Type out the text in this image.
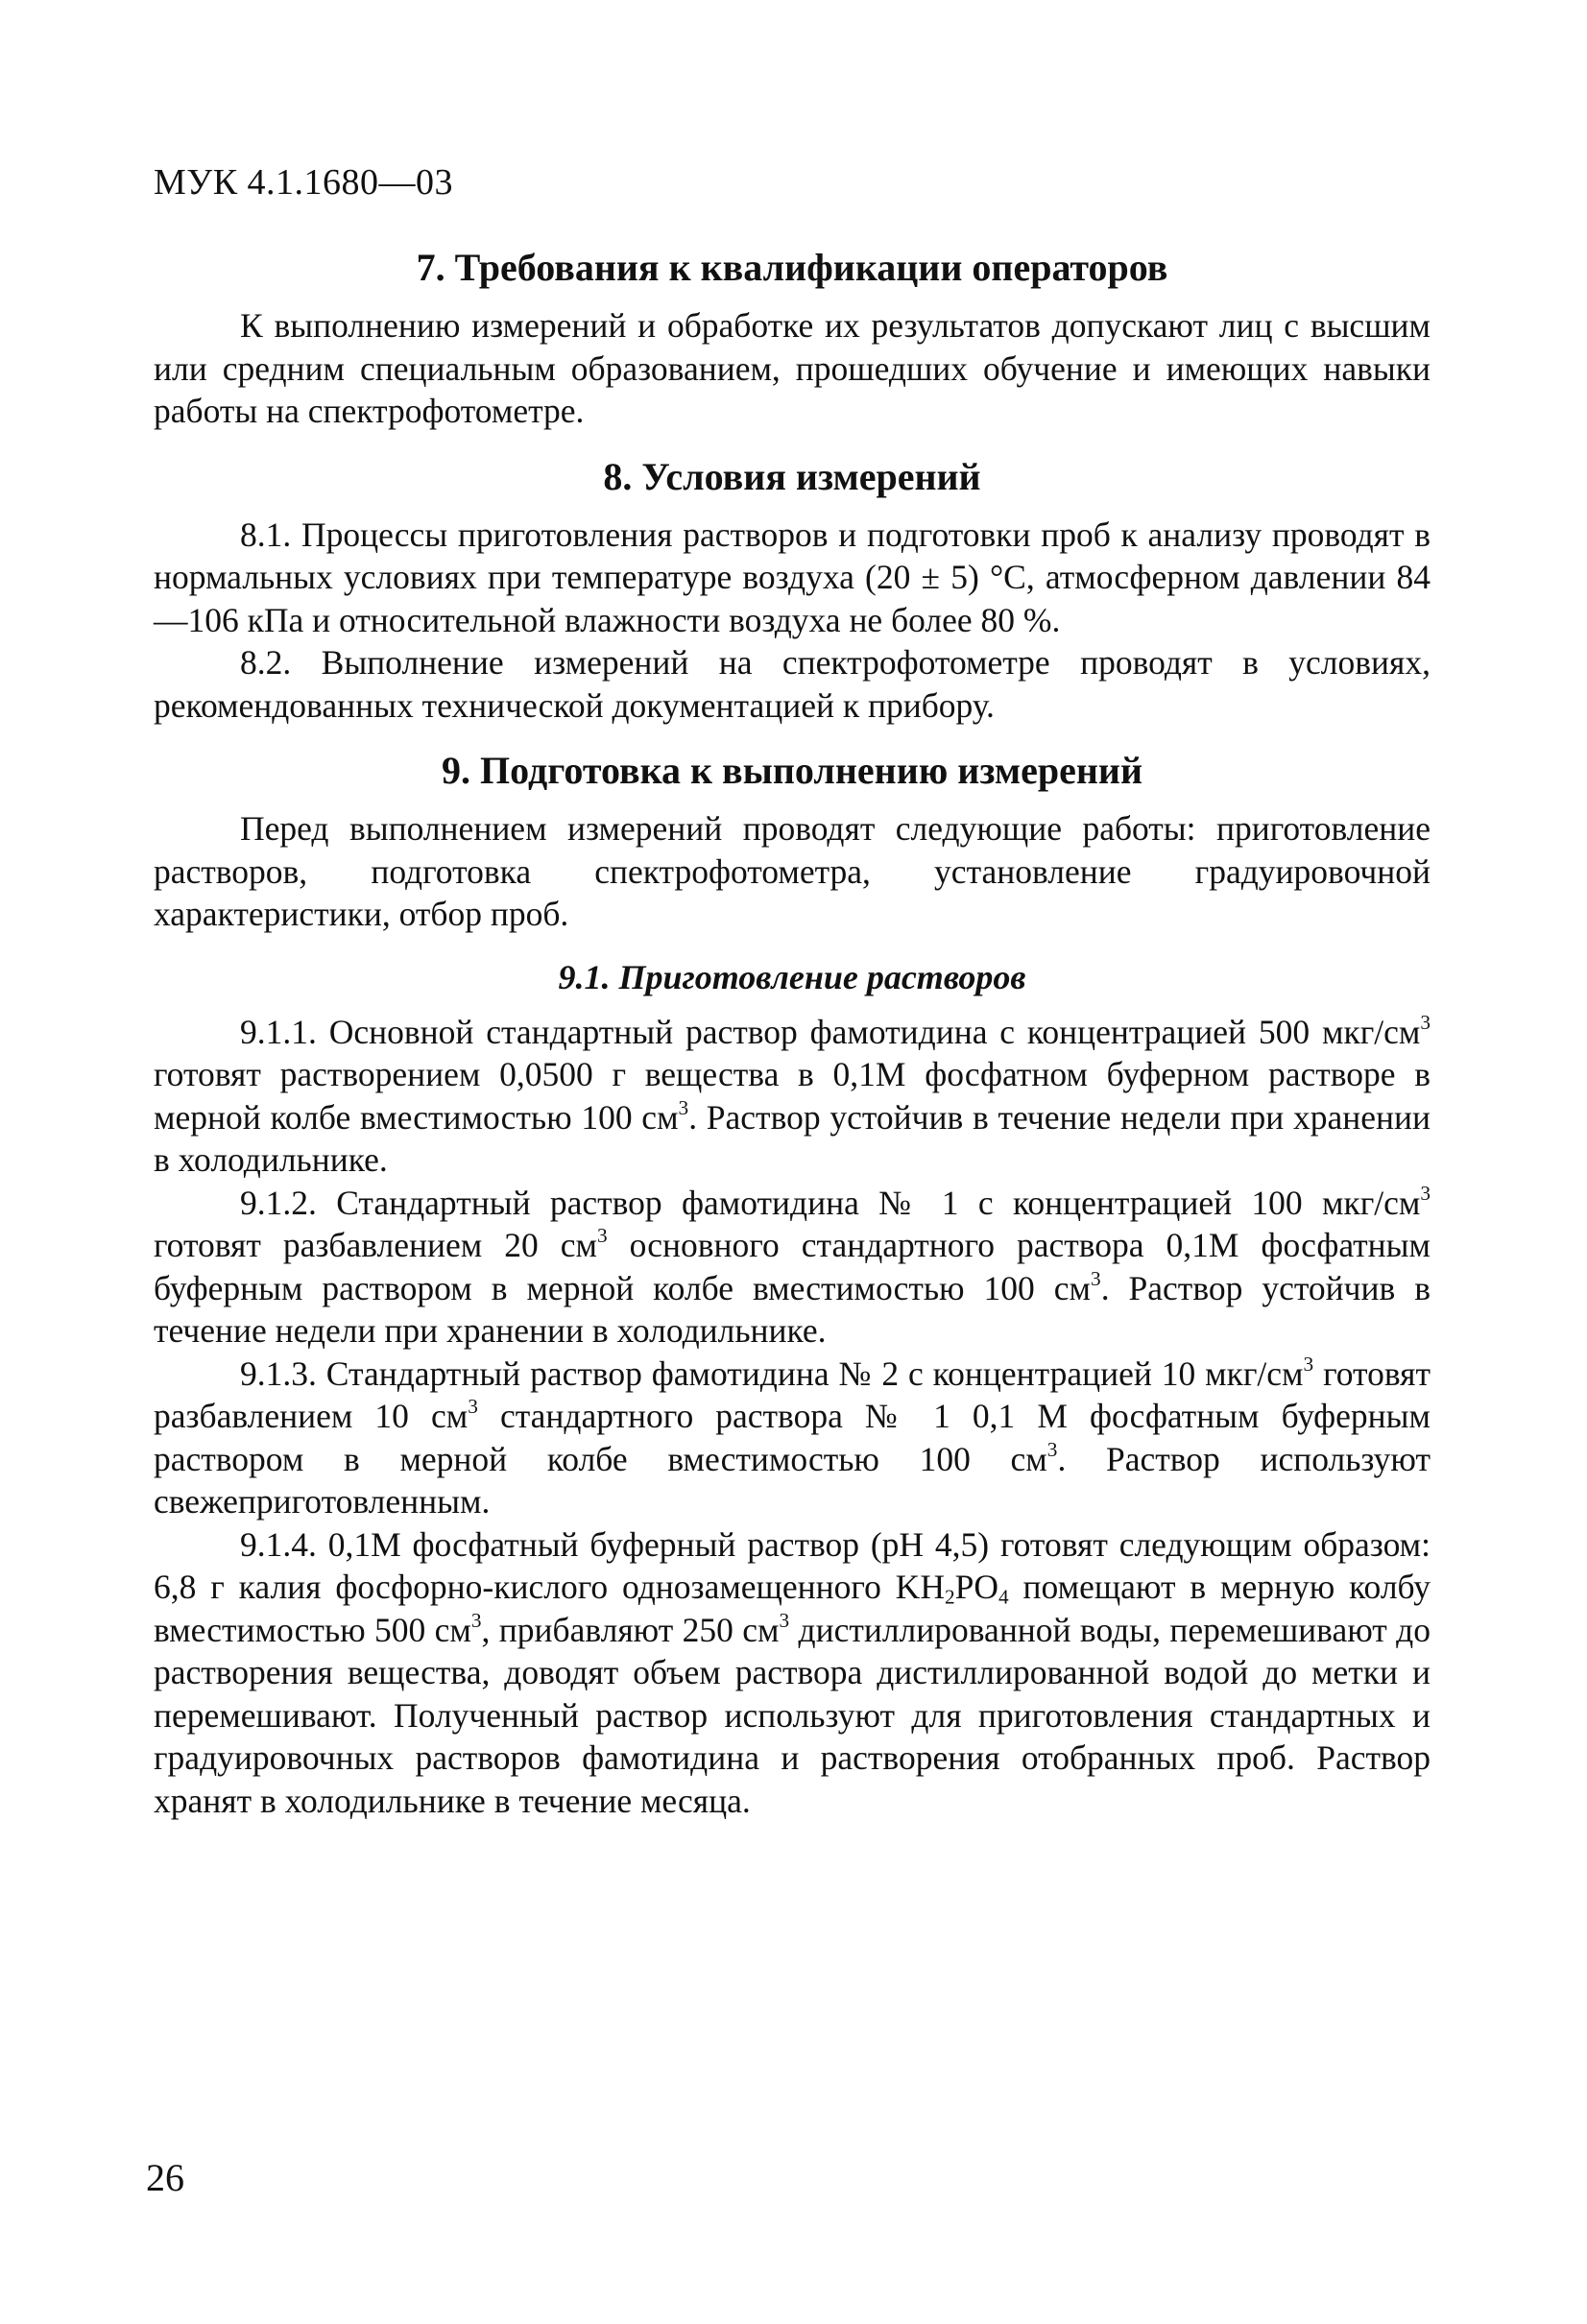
МУК 4.1.1680—03
7. Требования к квалификации операторов

К выполнению измерений и обработке их результатов допускают лиц с высшим или средним специальным образованием, прошедших обучение и имеющих навыки работы на спектрофотометре.

8. Условия измерений

8.1. Процессы приготовления растворов и подготовки проб к анализу проводят в нормальных условиях при температуре воздуха (20 ± 5) °С, атмосферном давлении 84—106 кПа и относительной влажности воздуха не более 80 %.

8.2. Выполнение измерений на спектрофотометре проводят в условиях, рекомендованных технической документацией к прибору.

9. Подготовка к выполнению измерений

Перед выполнением измерений проводят следующие работы: приготовление растворов, подготовка спектрофотометра, установление градуировочной характеристики, отбор проб.

9.1. Приготовление растворов

9.1.1. Основной стандартный раствор фамотидина с концентрацией 500 мкг/$см^3$ готовят растворением 0,0500 г вещества в 0,1М фосфатном буферном растворе в мерной колбе вместимостью 100 $см^3$. Раствор устойчив в течение недели при хранении в холодильнике.

9.1.2. Стандартный раствор фамотидина № 1 с концентрацией 100 мкг/$см^3$ готовят разбавлением 20 $см^3$ основного стандартного раствора 0,1М фосфатным буферным раствором в мерной колбе вместимостью 100 $см^3$. Раствор устойчив в течение недели при хранении в холодильнике.

9.1.3. Стандартный раствор фамотидина № 2 с концентрацией 10 мкг/$см^3$ готовят разбавлением 10 $см^3$ стандартного раствора № 1 0,1 М фосфатным буферным раствором в мерной колбе вместимостью 100 $см^3$. Раствор используют свежеприготовленным.

9.1.4. 0,1М фосфатный буферный раствор (рН 4,5) готовят следующим образом: 6,8 г калия фосфорно-кислого однозамещенного $KH_2PO_4$ помещают в мерную колбу вместимостью 500 $см^3$, прибавляют 250 $см^3$ дистиллированной воды, перемешивают до растворения вещества, доводят объем раствора дистиллированной водой до метки и перемешивают. Полученный раствор используют для приготовления стандартных и градуировочных растворов фамотидина и растворения отобранных проб. Раствор хранят в холодильнике в течение месяца.

26
